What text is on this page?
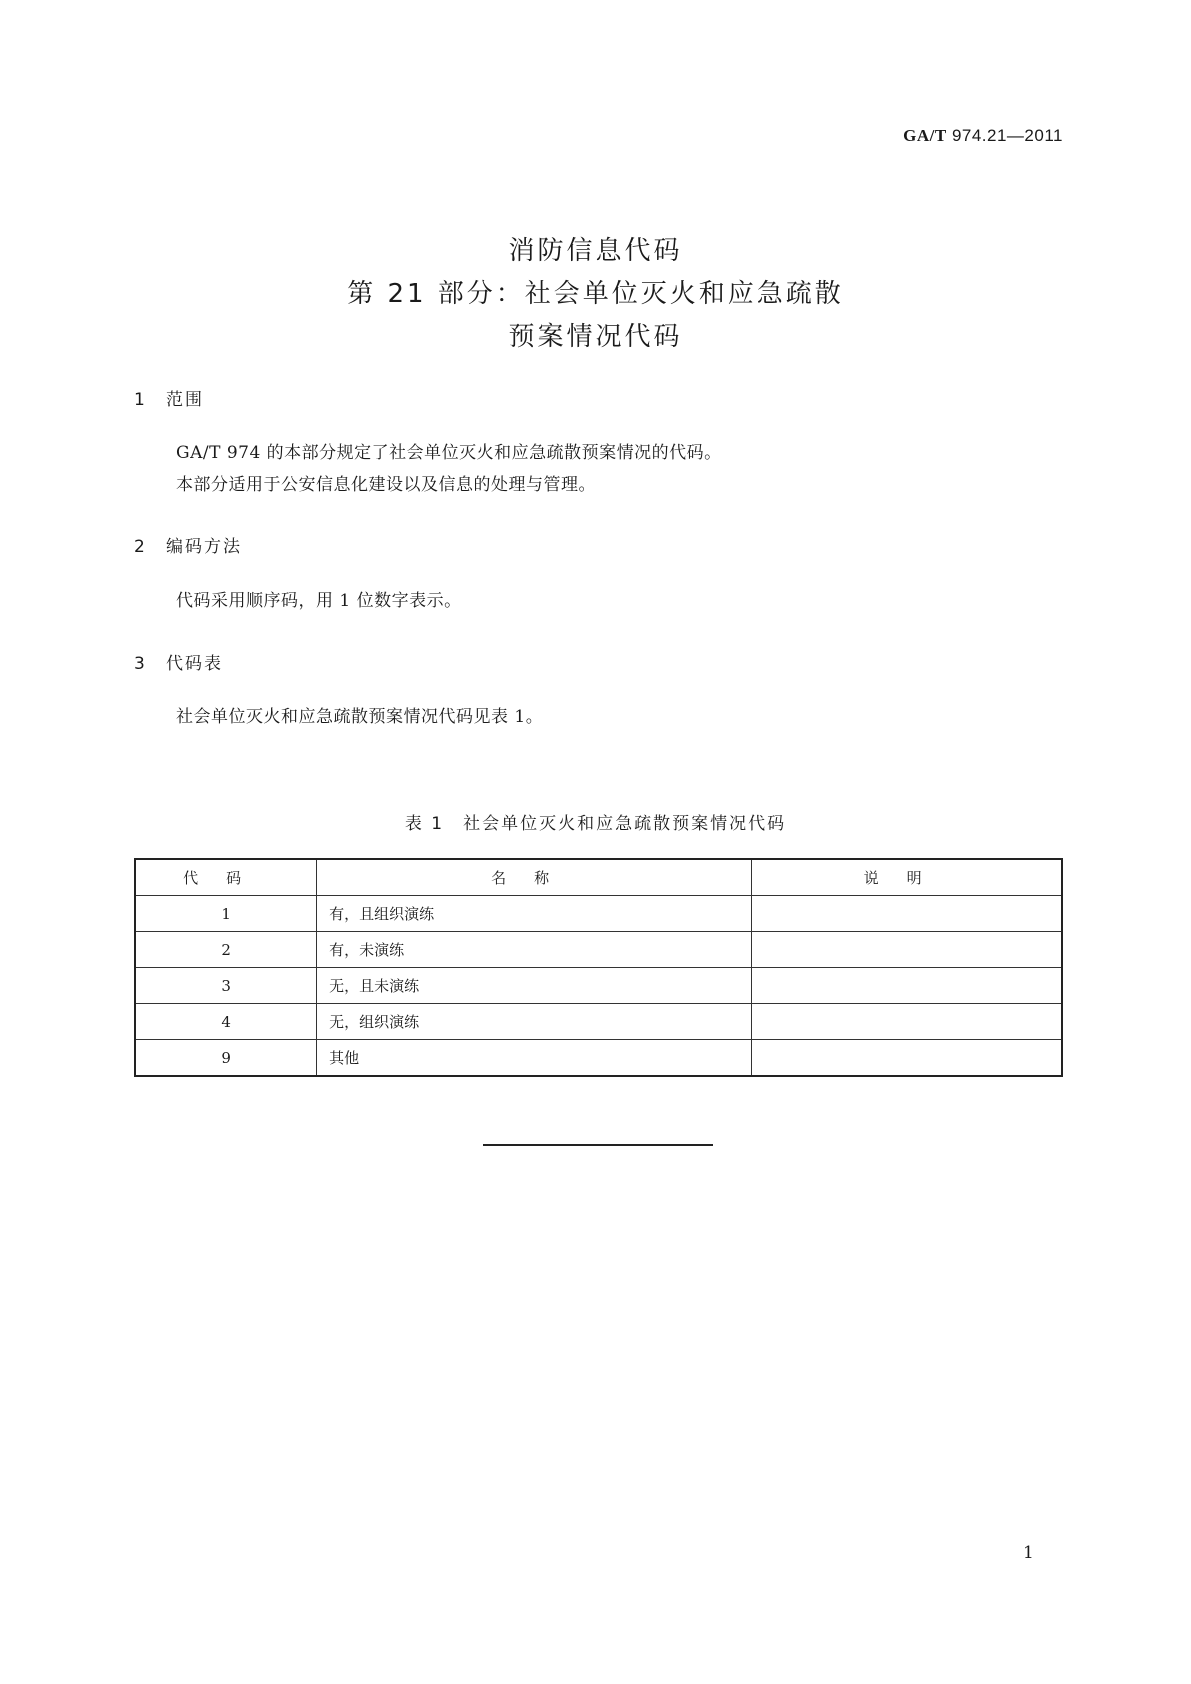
GA/T 974.21—2011
消防信息代码
第 21 部分：社会单位灭火和应急疏散
预案情况代码
1 范围

GA/T 974 的本部分规定了社会单位灭火和应急疏散预案情况的代码。

本部分适用于公安信息化建设以及信息的处理与管理。

2 编码方法

代码采用顺序码，用 1 位数字表示。

3 代码表

社会单位灭火和应急疏散预案情况代码见表 1。

表 1　社会单位灭火和应急疏散预案情况代码
代码	名称	说明
1	有，且组织演练	
2	有，未演练	
3	无，且未演练	
4	无，组织演练	
9	其他	
1
